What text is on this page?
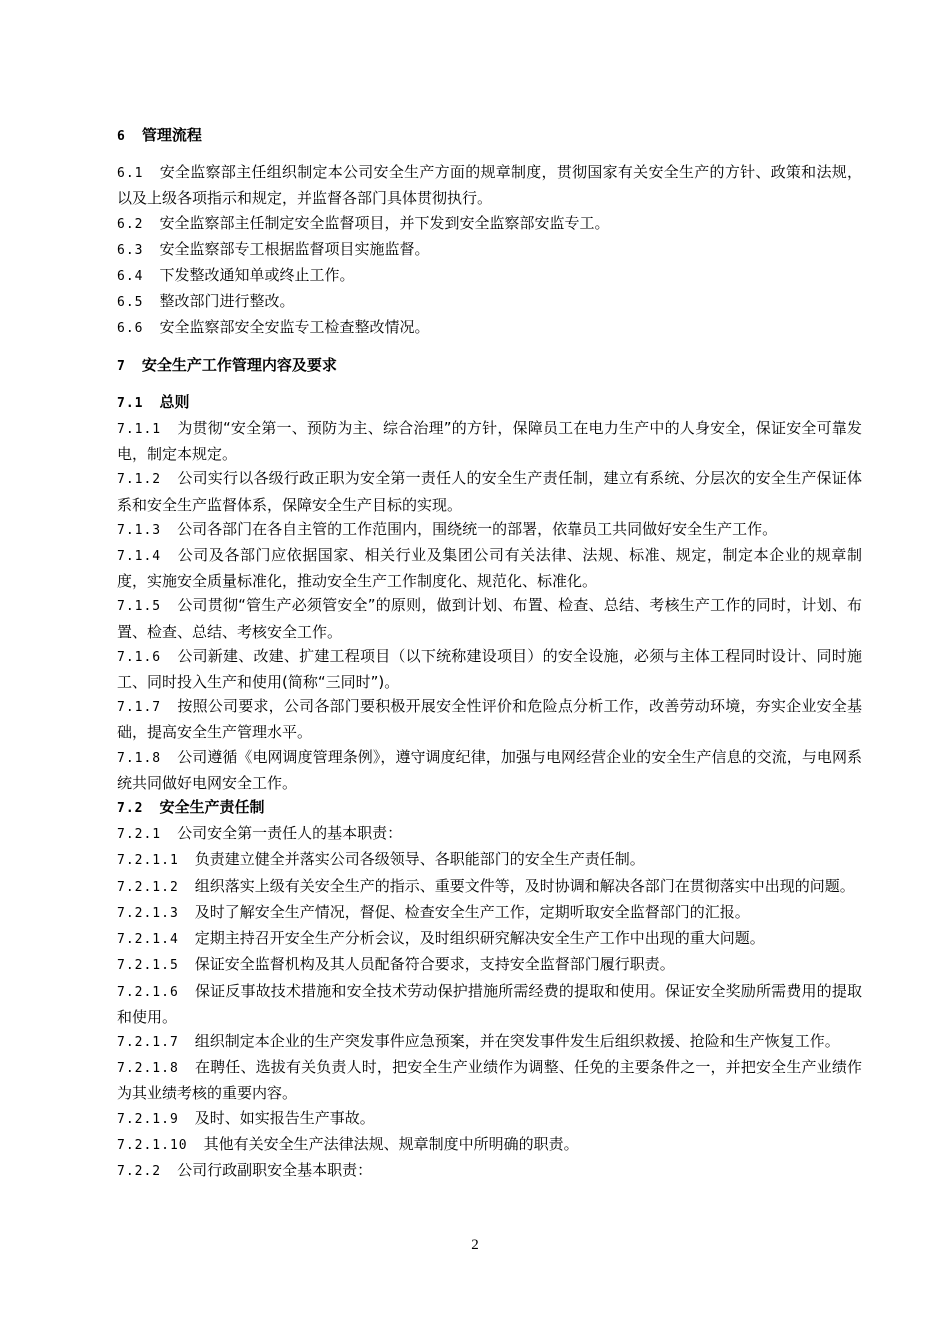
6 管理流程

6.1 安全监察部主任组织制定本公司安全生产方面的规章制度，贯彻国家有关安全生产的方针、政策和法规，以及上级各项指示和规定，并监督各部门具体贯彻执行。

6.2 安全监察部主任制定安全监督项目，并下发到安全监察部安监专工。

6.3 安全监察部专工根据监督项目实施监督。

6.4 下发整改通知单或终止工作。

6.5 整改部门进行整改。

6.6 安全监察部安全安监专工检查整改情况。

7 安全生产工作管理内容及要求

7.1 总则

7.1.1 为贯彻“安全第一、预防为主、综合治理”的方针，保障员工在电力生产中的人身安全，保证安全可靠发电，制定本规定。

7.1.2 公司实行以各级行政正职为安全第一责任人的安全生产责任制，建立有系统、分层次的安全生产保证体系和安全生产监督体系，保障安全生产目标的实现。

7.1.3 公司各部门在各自主管的工作范围内，围绕统一的部署，依靠员工共同做好安全生产工作。

7.1.4 公司及各部门应依据国家、相关行业及集团公司有关法律、法规、标准、规定，制定本企业的规章制度，实施安全质量标准化，推动安全生产工作制度化、规范化、标准化。

7.1.5 公司贯彻“管生产必须管安全”的原则，做到计划、布置、检查、总结、考核生产工作的同时，计划、布置、检查、总结、考核安全工作。

7.1.6 公司新建、改建、扩建工程项目（以下统称建设项目）的安全设施，必须与主体工程同时设计、同时施工、同时投入生产和使用(简称“三同时”)。

7.1.7 按照公司要求，公司各部门要积极开展安全性评价和危险点分析工作，改善劳动环境，夯实企业安全基础，提高安全生产管理水平。

7.1.8 公司遵循《电网调度管理条例》，遵守调度纪律，加强与电网经营企业的安全生产信息的交流，与电网系统共同做好电网安全工作。

7.2 安全生产责任制

7.2.1 公司安全第一责任人的基本职责：

7.2.1.1 负责建立健全并落实公司各级领导、各职能部门的安全生产责任制。

7.2.1.2 组织落实上级有关安全生产的指示、重要文件等，及时协调和解决各部门在贯彻落实中出现的问题。

7.2.1.3 及时了解安全生产情况，督促、检查安全生产工作，定期听取安全监督部门的汇报。

7.2.1.4 定期主持召开安全生产分析会议，及时组织研究解决安全生产工作中出现的重大问题。

7.2.1.5 保证安全监督机构及其人员配备符合要求，支持安全监督部门履行职责。

7.2.1.6 保证反事故技术措施和安全技术劳动保护措施所需经费的提取和使用。保证安全奖励所需费用的提取和使用。

7.2.1.7 组织制定本企业的生产突发事件应急预案，并在突发事件发生后组织救援、抢险和生产恢复工作。

7.2.1.8 在聘任、选拔有关负责人时，把安全生产业绩作为调整、任免的主要条件之一，并把安全生产业绩作为其业绩考核的重要内容。

7.2.1.9 及时、如实报告生产事故。

7.2.1.10 其他有关安全生产法律法规、规章制度中所明确的职责。

7.2.2 公司行政副职安全基本职责：

2
